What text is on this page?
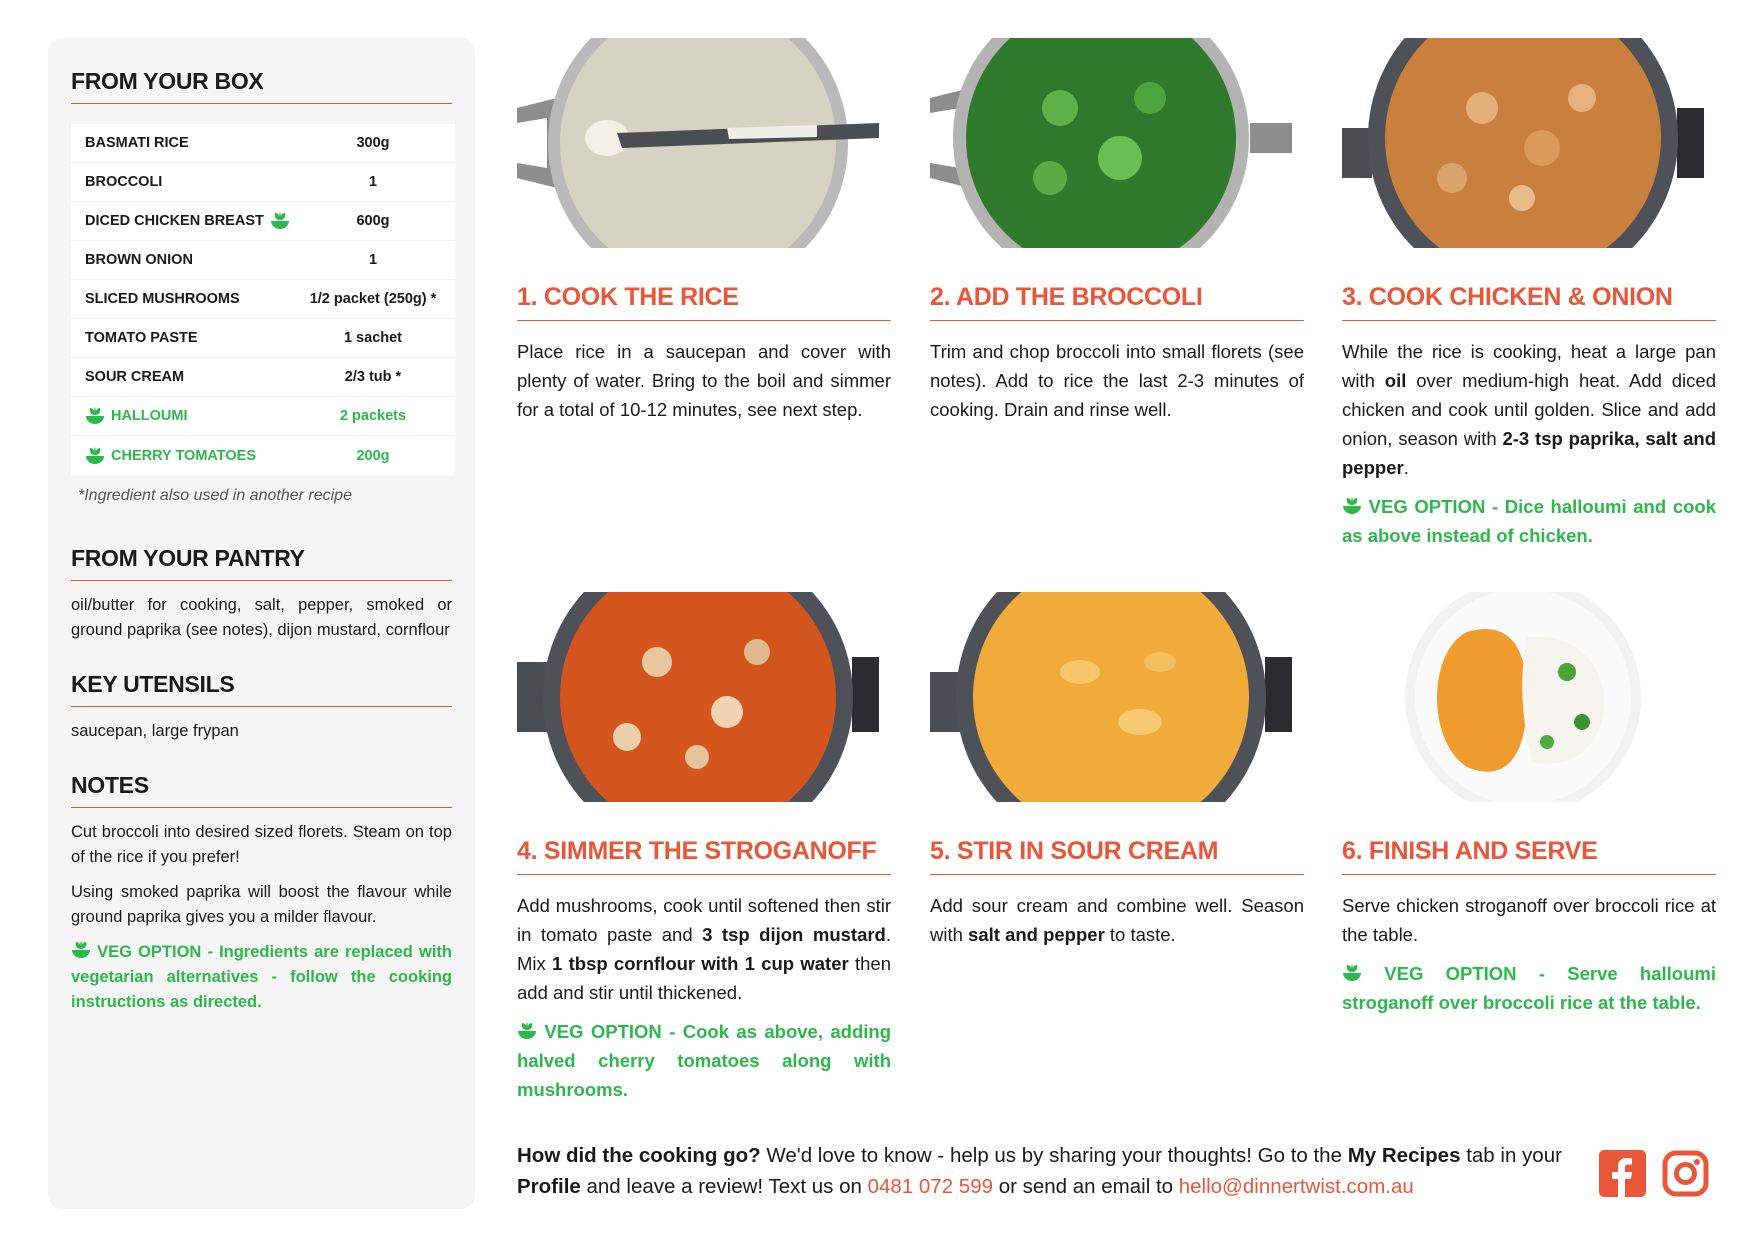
FROM YOUR BOX
BASMATI RICE	300g
BROCCOLI	1
DICED CHICKEN BREAST	600g
BROWN ONION	1
SLICED MUSHROOMS	1/2 packet (250g) *
TOMATO PASTE	1 sachet
SOUR CREAM	2/3 tub *
HALLOUMI	2 packets
CHERRY TOMATOES	200g
*Ingredient also used in another recipe
FROM YOUR PANTRY
oil/butter for cooking, salt, pepper, smoked or ground paprika (see notes), dijon mustard, cornflour
KEY UTENSILS
saucepan, large frypan
NOTES
Cut broccoli into desired sized florets. Steam on top of the rice if you prefer!
Using smoked paprika will boost the flavour while ground paprika gives you a milder flavour.
VEG OPTION - Ingredients are replaced with vegetarian alternatives - follow the cooking instructions as directed.
1. COOK THE RICE
Place rice in a saucepan and cover with plenty of water. Bring to the boil and simmer for a total of 10-12 minutes, see next step.
2. ADD THE BROCCOLI
Trim and chop broccoli into small florets (see notes). Add to rice the last 2-3 minutes of cooking. Drain and rinse well.
3. COOK CHICKEN & ONION
While the rice is cooking, heat a large pan with oil over medium-high heat. Add diced chicken and cook until golden. Slice and add onion, season with 2-3 tsp paprika, salt and pepper.
VEG OPTION - Dice halloumi and cook as above instead of chicken.
4. SIMMER THE STROGANOFF
Add mushrooms, cook until softened then stir in tomato paste and 3 tsp dijon mustard. Mix 1 tbsp cornflour with 1 cup water then add and stir until thickened.
VEG OPTION - Cook as above, adding halved cherry tomatoes along with mushrooms.
5. STIR IN SOUR CREAM
Add sour cream and combine well. Season with salt and pepper to taste.
6. FINISH AND SERVE
Serve chicken stroganoff over broccoli rice at the table.
VEG OPTION - Serve halloumi stroganoff over broccoli rice at the table.
How did the cooking go? We'd love to know - help us by sharing your thoughts! Go to the My Recipes tab in your Profile and leave a review! Text us on 0481 072 599 or send an email to hello@dinnertwist.com.au
